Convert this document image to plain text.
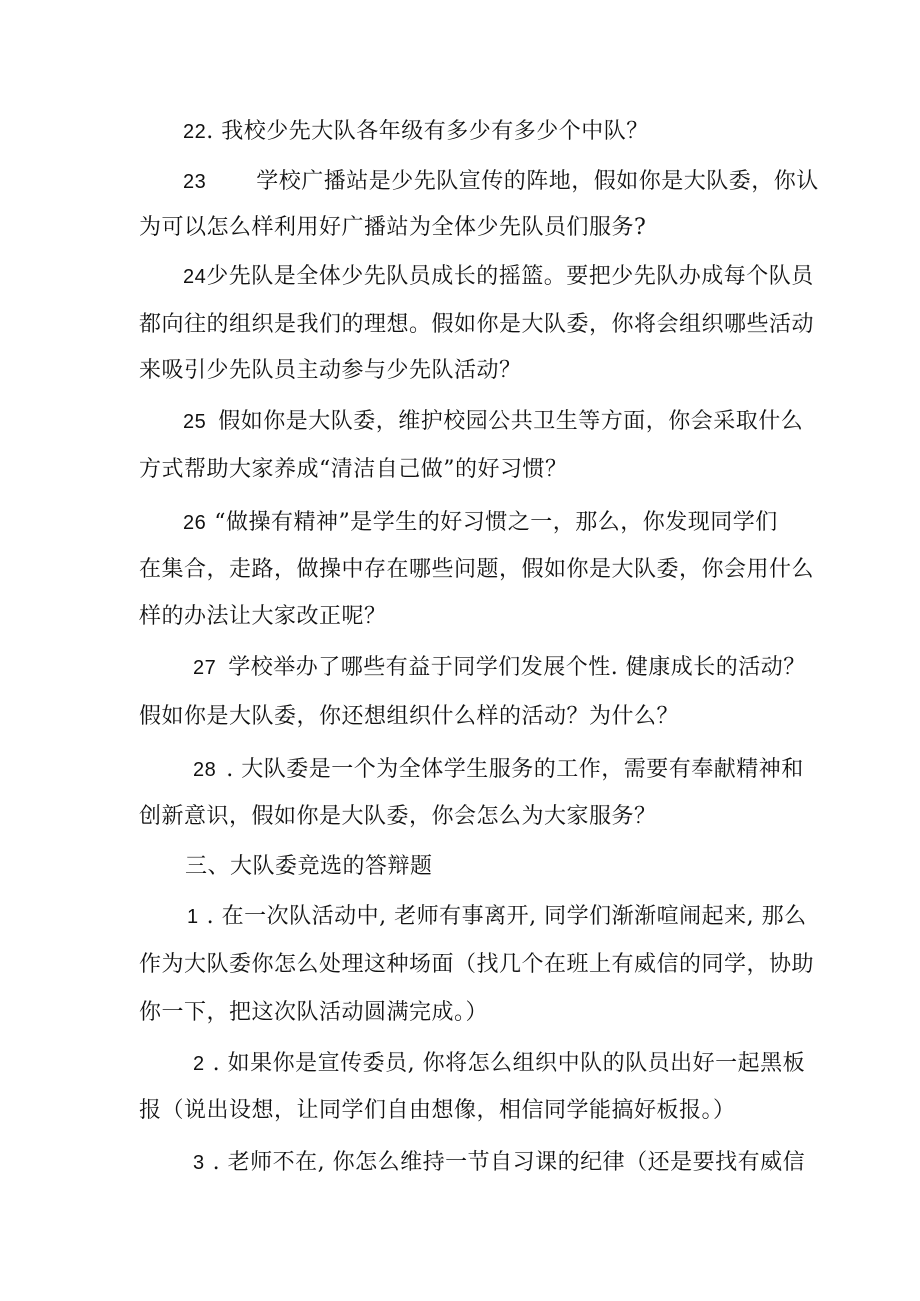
22. 我校少先大队各年级有多少有多少个中队？
23 学校广播站是少先队宣传的阵地，假如你是大队委，你认
为可以怎么样利用好广播站为全体少先队员们服务?
24少先队是全体少先队员成长的摇篮。要把少先队办成每个队员
都向往的组织是我们的理想。假如你是大队委，你将会组织哪些活动
来吸引少先队员主动参与少先队活动？
25 假如你是大队委，维护校园公共卫生等方面，你会采取什么
方式帮助大家养成“清洁自己做”的好习惯？
26 “做操有精神”是学生的好习惯之一，那么，你发现同学们
在集合，走路，做操中存在哪些问题，假如你是大队委，你会用什么
样的办法让大家改正呢？
27 学校举办了哪些有益于同学们发展个性. 健康成长的活动？
假如你是大队委，你还想组织什么样的活动？为什么？
28 . 大队委是一个为全体学生服务的工作，需要有奉献精神和
创新意识，假如你是大队委，你会怎么为大家服务？
三、大队委竞选的答辩题
1 . 在一次队活动中, 老师有事离开, 同学们渐渐喧闹起来, 那么
作为大队委你怎么处理这种场面（找几个在班上有威信的同学，协助
你一下，把这次队活动圆满完成。）
2 . 如果你是宣传委员, 你将怎么组织中队的队员出好一起黑板
报（说出设想，让同学们自由想像，相信同学能搞好板报。）
3 . 老师不在, 你怎么维持一节自习课的纪律（还是要找有威信
